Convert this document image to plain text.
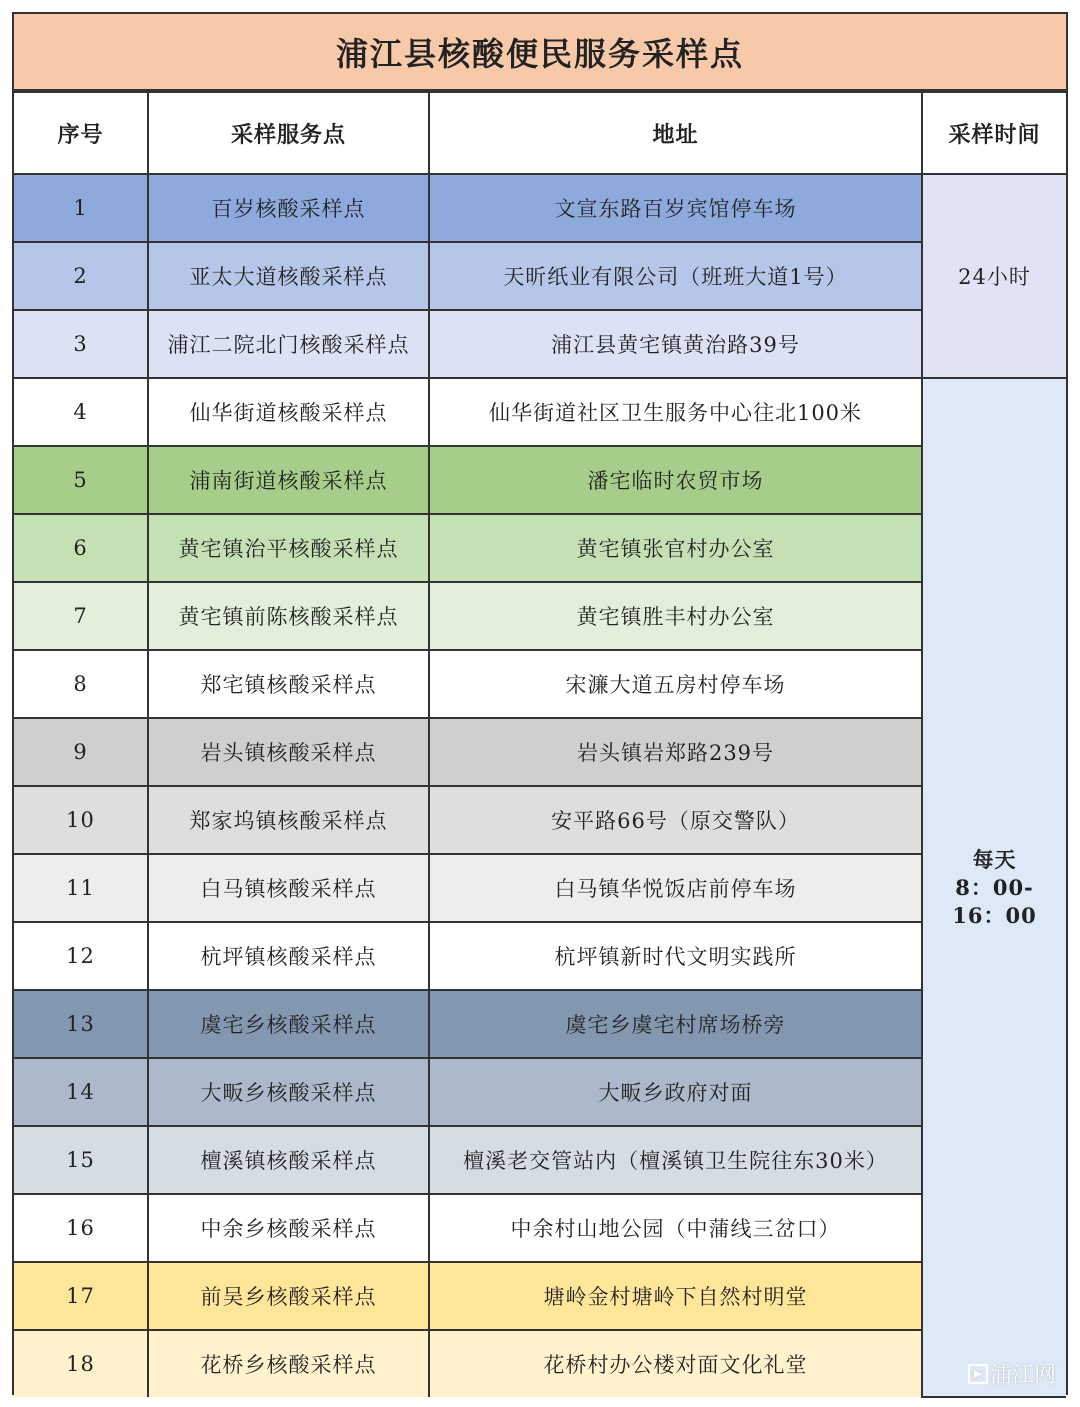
浦江县核酸便民服务采样点
序号	采样服务点	地址	采样时间
1	百岁核酸采样点	文宣东路百岁宾馆停车场	24小时
2	亚太大道核酸采样点	天昕纸业有限公司（班班大道1号）	
3	浦江二院北门核酸采样点	浦江县黄宅镇黄治路39号	
4	仙华街道核酸采样点	仙华街道社区卫生服务中心往北100米	每天
8：00-
16：00

5	浦南街道核酸采样点	潘宅临时农贸市场	
6	黄宅镇治平核酸采样点	黄宅镇张官村办公室	
7	黄宅镇前陈核酸采样点	黄宅镇胜丰村办公室	
8	郑宅镇核酸采样点	宋濂大道五房村停车场	
9	岩头镇核酸采样点	岩头镇岩郑路239号	
10	郑家坞镇核酸采样点	安平路66号（原交警队）	
11	白马镇核酸采样点	白马镇华悦饭店前停车场	
12	杭坪镇核酸采样点	杭坪镇新时代文明实践所	
13	虞宅乡核酸采样点	虞宅乡虞宅村席场桥旁	
14	大畈乡核酸采样点	大畈乡政府对面	
15	檀溪镇核酸采样点	檀溪老交管站内（檀溪镇卫生院往东30米）	
16	中余乡核酸采样点	中余村山地公园（中蒲线三岔口）	
17	前吴乡核酸采样点	塘岭金村塘岭下自然村明堂	
18	花桥乡核酸采样点	花桥村办公楼对面文化礼堂		▶ 浦江网
